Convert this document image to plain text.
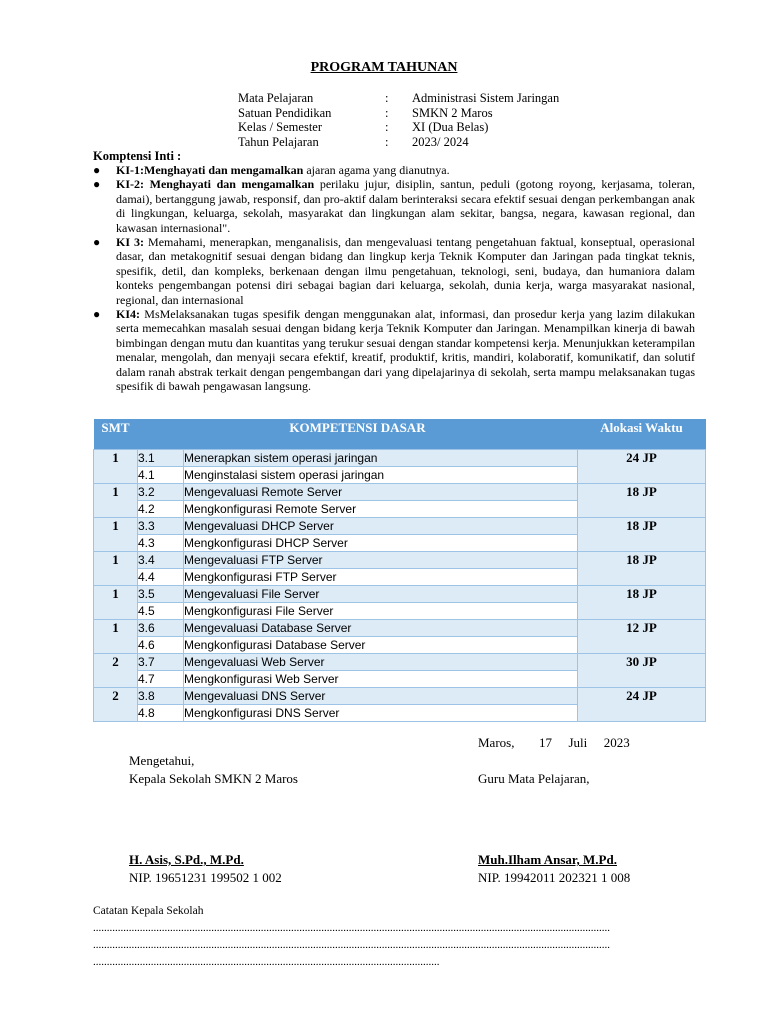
PROGRAM TAHUNAN
Mata Pelajaran	:	Administrasi Sistem Jaringan
Satuan Pendidikan	:	SMKN 2 Maros
Kelas / Semester	:	XI (Dua Belas)
Tahun Pelajaran	:	2023/ 2024
Komptensi Inti :
● KI-1:Menghayati dan mengamalkan ajaran agama yang dianutnya.
● KI-2: Menghayati dan mengamalkan perilaku jujur, disiplin, santun, peduli (gotong royong, kerjasama, toleran, damai), bertanggung jawab, responsif, dan pro-aktif dalam berinteraksi secara efektif sesuai dengan perkembangan anak di lingkungan, keluarga, sekolah, masyarakat dan lingkungan alam sekitar, bangsa, negara, kawasan regional, dan kawasan internasional".
● KI 3: Memahami, menerapkan, menganalisis, dan mengevaluasi tentang pengetahuan faktual, konseptual, operasional dasar, dan metakognitif sesuai dengan bidang dan lingkup kerja Teknik Komputer dan Jaringan pada tingkat teknis, spesifik, detil, dan kompleks, berkenaan dengan ilmu pengetahuan, teknologi, seni, budaya, dan humaniora dalam konteks pengembangan potensi diri sebagai bagian dari keluarga, sekolah, dunia kerja, warga masyarakat nasional, regional, dan internasional
● KI4: MsMelaksanakan tugas spesifik dengan menggunakan alat, informasi, dan prosedur kerja yang lazim dilakukan serta memecahkan masalah sesuai dengan bidang kerja Teknik Komputer dan Jaringan. Menampilkan kinerja di bawah bimbingan dengan mutu dan kuantitas yang terukur sesuai dengan standar kompetensi kerja. Menunjukkan keterampilan menalar, mengolah, dan menyaji secara efektif, kreatif, produktif, kritis, mandiri, kolaboratif, komunikatif, dan solutif dalam ranah abstrak terkait dengan pengembangan dari yang dipelajarinya di sekolah, serta mampu melaksanakan tugas spesifik di bawah pengawasan langsung.
SMT	KOMPETENSI DASAR		Alokasi Waktu
1	3.1	Menerapkan sistem operasi jaringan	24 JP
	4.1	Menginstalasi sistem operasi jaringan	
1	3.2	Mengevaluasi Remote Server	18 JP
	4.2	Mengkonfigurasi Remote Server	
1	3.3	Mengevaluasi DHCP Server	18 JP
	4.3	Mengkonfigurasi DHCP Server	
1	3.4	Mengevaluasi FTP Server	18 JP
	4.4	Mengkonfigurasi FTP Server	
1	3.5	Mengevaluasi File Server	18 JP
	4.5	Mengkonfigurasi File Server	
1	3.6	Mengevaluasi Database Server	12 JP
	4.6	Mengkonfigurasi Database Server	
2	3.7	Mengevaluasi Web Server	30 JP
	4.7	Mengkonfigurasi Web Server	
2	3.8	Mengevaluasi DNS Server	24 JP
	4.8	Mengkonfigurasi DNS Server	
Maros, 17 Juli 2023
Mengetahui,
Kepala Sekolah SMKN 2 Maros	Guru Mata Pelajaran,
H. Asis, S.Pd., M.Pd.
NIP. 19651231 199502 1 002
Muh.Ilham Ansar, M.Pd.
NIP. 19942011 202321 1 008
Catatan Kepala Sekolah
............................................................................................................................................................................................
............................................................................................................................................................................................
..............................................................................................................................
